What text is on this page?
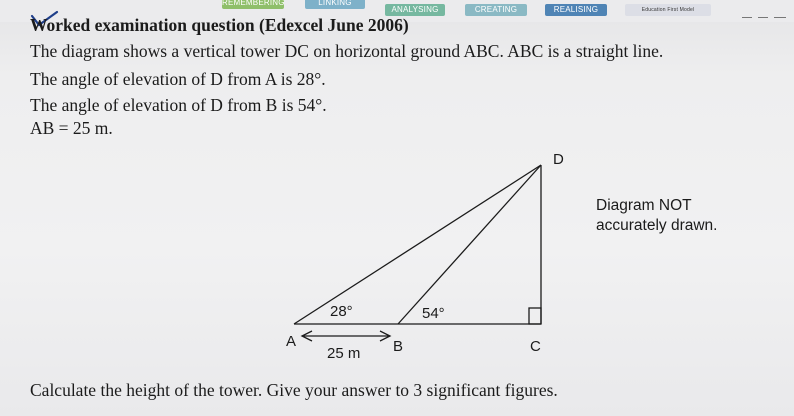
REMEMBERING	LINKING
ANALYSING	CREATING	REALISING	Education First Model
Worked examination question (Edexcel June 2006)
The diagram shows a vertical tower DC on horizontal ground ABC. ABC is a straight line.
The angle of elevation of D from A is 28°.
The angle of elevation of D from B is 54°.
AB = 25 m.
A	B	C
D
28°	54°
25 m
Diagram NOT
accurately drawn.
Calculate the height of the tower. Give your answer to 3 significant figures.
